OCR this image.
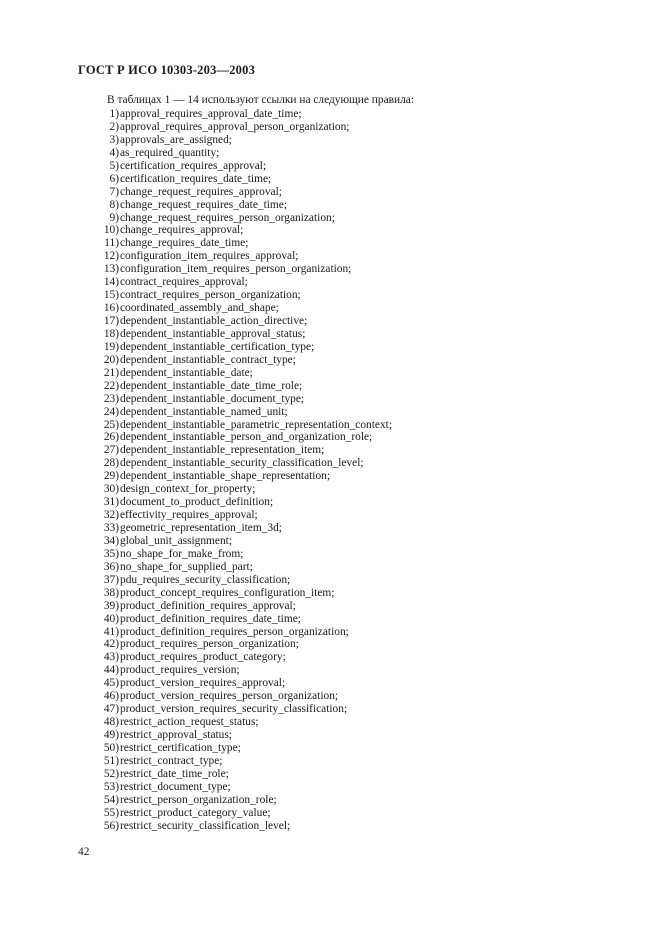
ГОСТ Р ИСО 10303-203—2003
В таблицах 1 — 14 используют ссылки на следующие правила:
1) approval_requires_approval_date_time;
2) approval_requires_approval_person_organization;
3) approvals_are_assigned;
4) as_required_quantity;
5) certification_requires_approval;
6) certification_requires_date_time;
7) change_request_requires_approval;
8) change_request_requires_date_time;
9) change_request_requires_person_organization;
10) change_requires_approval;
11) change_requires_date_time;
12) configuration_item_requires_approval;
13) configuration_item_requires_person_organization;
14) contract_requires_approval;
15) contract_requires_person_organization;
16) coordinated_assembly_and_shape;
17) dependent_instantiable_action_directive;
18) dependent_instantiable_approval_status;
19) dependent_instantiable_certification_type;
20) dependent_instantiable_contract_type;
21) dependent_instantiable_date;
22) dependent_instantiable_date_time_role;
23) dependent_instantiable_document_type;
24) dependent_instantiable_named_unit;
25) dependent_instantiable_parametric_representation_context;
26) dependent_instantiable_person_and_organization_role;
27) dependent_instantiable_representation_item;
28) dependent_instantiable_security_classification_level;
29) dependent_instantiable_shape_representation;
30) design_context_for_property;
31) document_to_product_definition;
32) effectivity_requires_approval;
33) geometric_representation_item_3d;
34) global_unit_assignment;
35) no_shape_for_make_from;
36) no_shape_for_supplied_part;
37) pdu_requires_security_classification;
38) product_concept_requires_configuration_item;
39) product_definition_requires_approval;
40) product_definition_requires_date_time;
41) product_definition_requires_person_organization;
42) product_requires_person_organization;
43) product_requires_product_category;
44) product_requires_version;
45) product_version_requires_approval;
46) product_version_requires_person_organization;
47) product_version_requires_security_classification;
48) restrict_action_request_status;
49) restrict_approval_status;
50) restrict_certification_type;
51) restrict_contract_type;
52) restrict_date_time_role;
53) restrict_document_type;
54) restrict_person_organization_role;
55) restrict_product_category_value;
56) restrict_security_classification_level;
42
